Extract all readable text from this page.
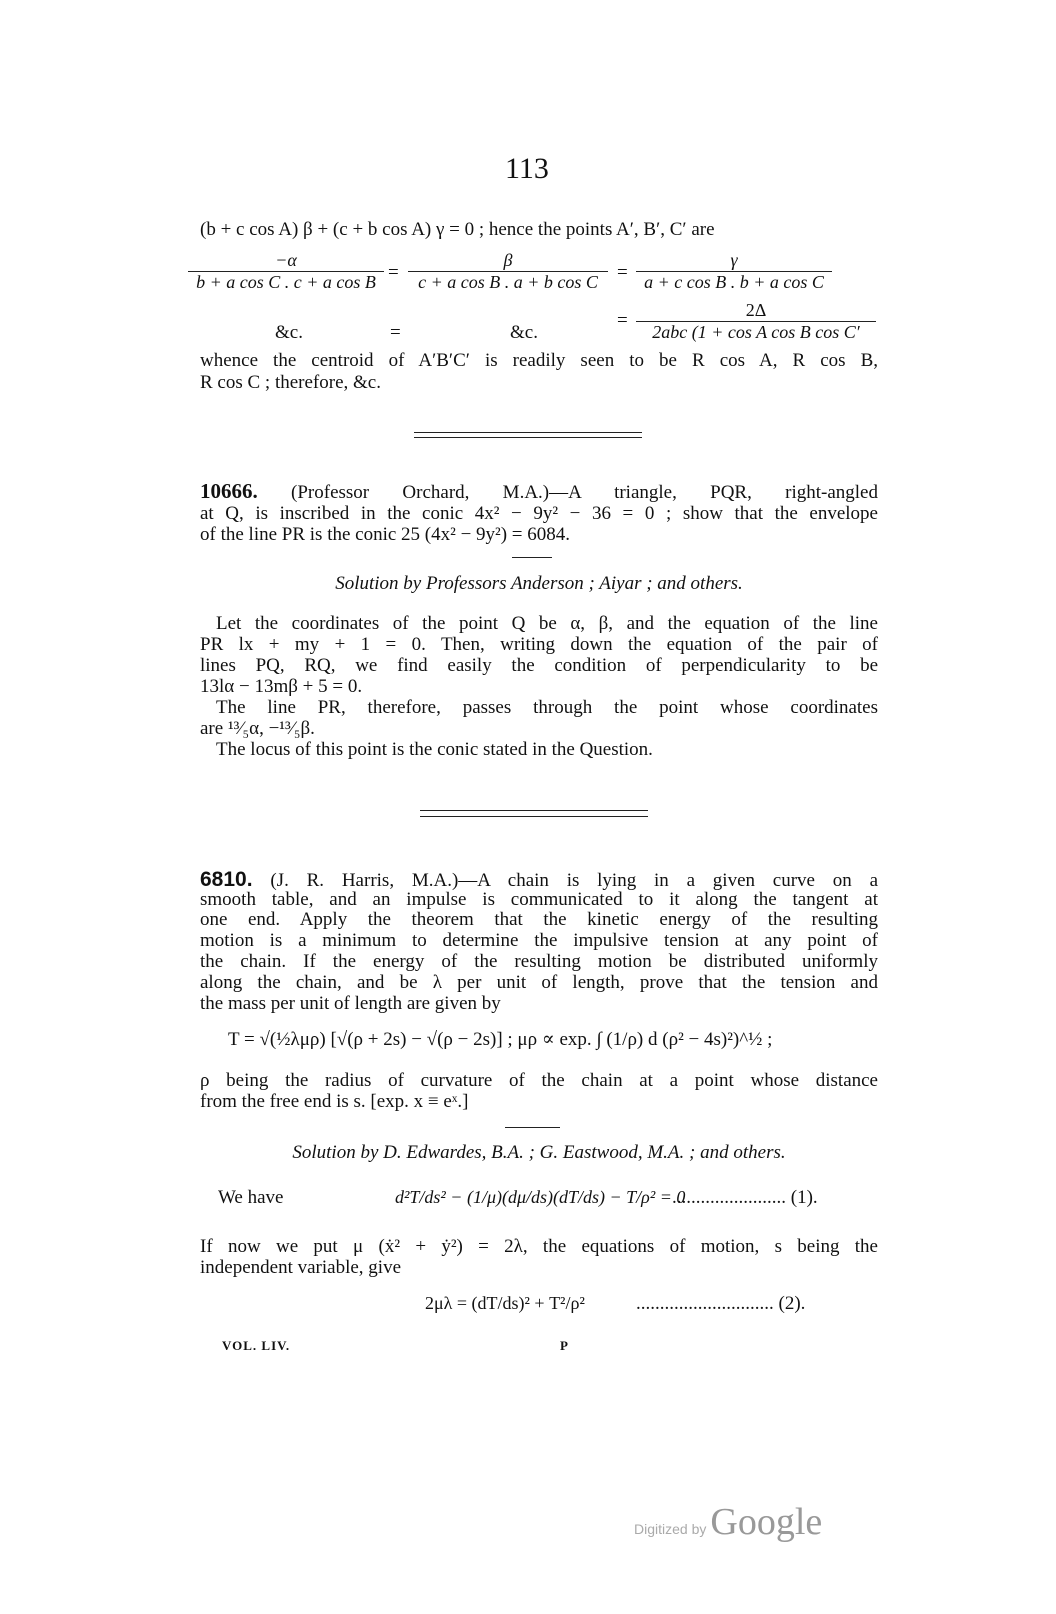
113
(b + c cos A) β + (c + b cos A) γ = 0 ; hence the points A′, B′, C′ are
$\frac{-\alpha}{\text{b + a cos C . c + a cos B}} = \frac{\beta}{\text{c + a cos B . a + b cos C}} = \frac{\gamma}{\text{a + c cos B . b + a cos C}}$
&c.	=	&c.
=	2Δ
2abc (1 + cos A cos B cos C′
whence the centroid of A′B′C′ is readily seen to be R cos A, R cos B,
R cos C ; therefore, &c.
10666. (Professor Orchard, M.A.)—A triangle, PQR, right-angled
at Q, is inscribed in the conic 4x² − 9y² − 36 = 0 ; show that the envelope
of the line PR is the conic 25 (4x² − 9y²) = 6084.
Solution by Professors Anderson ; Aiyar ; and others.
Let the coordinates of the point Q be α, β, and the equation of the line
PR lx + my + 1 = 0. Then, writing down the equation of the pair of
lines PQ, RQ, we find easily the condition of perpendicularity to be
13lα − 13mβ + 5 = 0.
The line PR, therefore, passes through the point whose coordinates
are ¹³⁄₅α, −¹³⁄₅β.
The locus of this point is the conic stated in the Question.
6810. (J. R. Harris, M.A.)—A chain is lying in a given curve on a
smooth table, and an impulse is communicated to it along the tangent at
one end. Apply the theorem that the kinetic energy of the resulting
motion is a minimum to determine the impulsive tension at any point of
the chain. If the energy of the resulting motion be distributed uniformly
along the chain, and be λ per unit of length, prove that the tension and
the mass per unit of length are given by
T = √(½λμρ) [√(ρ + 2s) − √(ρ − 2s)] ; μρ ∝ exp. ∫ (1/ρ) d (ρ² − 4s)²)^½ ;
ρ being the radius of curvature of the chain at a point whose distance
from the free end is s. [exp. x ≡ eˣ.]
Solution by D. Edwardes, B.A. ; G. Eastwood, M.A. ; and others.
We have	d²T/ds² − (1/μ)(dμ/ds)(dT/ds) − T/ρ² = 0
........................ (1).
If now we put μ (ẋ² + ẏ²) = 2λ, the equations of motion, s being the
independent variable, give
2μλ = (dT/ds)² + T²/ρ²	............................. (2).
VOL. LIV.	P
Digitized by Google
